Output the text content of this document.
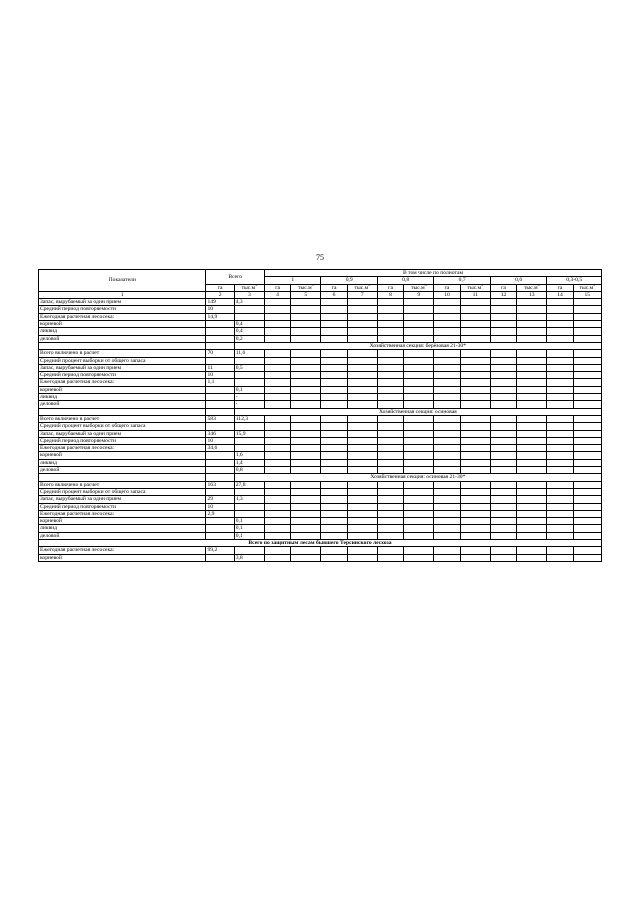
75
Показатели	Всего		В том числе по полнотам											
			1		0,9		0,8		0,7		0,6		0,3-0,5	
	га	$тыс.м^3$	га	$тыс.м^3$	га	$тыс.м^3$	га	$тыс.м^3$	га	$тыс.м^3$	га	$тыс.м^3$	га	$тыс.м^3$
1	2	3	4	5	6	7	8	9	10	11	12	13	14	15
Запас, вырубаемый за один прием	149	4,3												
Средний период повторяемости	10													
Ежегодная расчетная лесосека:	14,9													
корневой		0,4												
ликвид		0,4												
деловой		0,2												
		Хозяйственная секция: берёзовая 21-30*												
Всего включено в расчет	70	11,6												
Средний процент выборки от общего запаса														
Запас, вырубаемый за один прием	11	0,5												
Средний период повторяемости	10													
Ежегодная расчетная лесосека:	1,1													
корневой		0,1												
ликвид		-												
деловой		-												
		Хозяйственная секция: осиновая												
Всего включено в расчет	583	112,3												
Средний процент выборки от общего запаса														
Запас, вырубаемый за один прием	346	15,9												
Средний период повторяемости	10													
Ежегодная расчетная лесосека:	34,6													
корневой		1,6												
ликвид		1,4												
деловой		0,8												
		Хозяйственная секция: осиновая 21-30*												
Всего включено в расчет	163	27,8												
Средний процент выборки от общего запаса														
Запас, вырубаемый за один прием	29	1,3												
Средний период повторяемости	10													
Ежегодная расчетная лесосека:	2,9													
корневой		0,1												
ликвид		0,1												
деловой		0,1												
Всего по защитным лесам бывшего Терсинского лесхоза														
Ежегодная расчетная лесосека:	99,2													
корневой		3,8												
